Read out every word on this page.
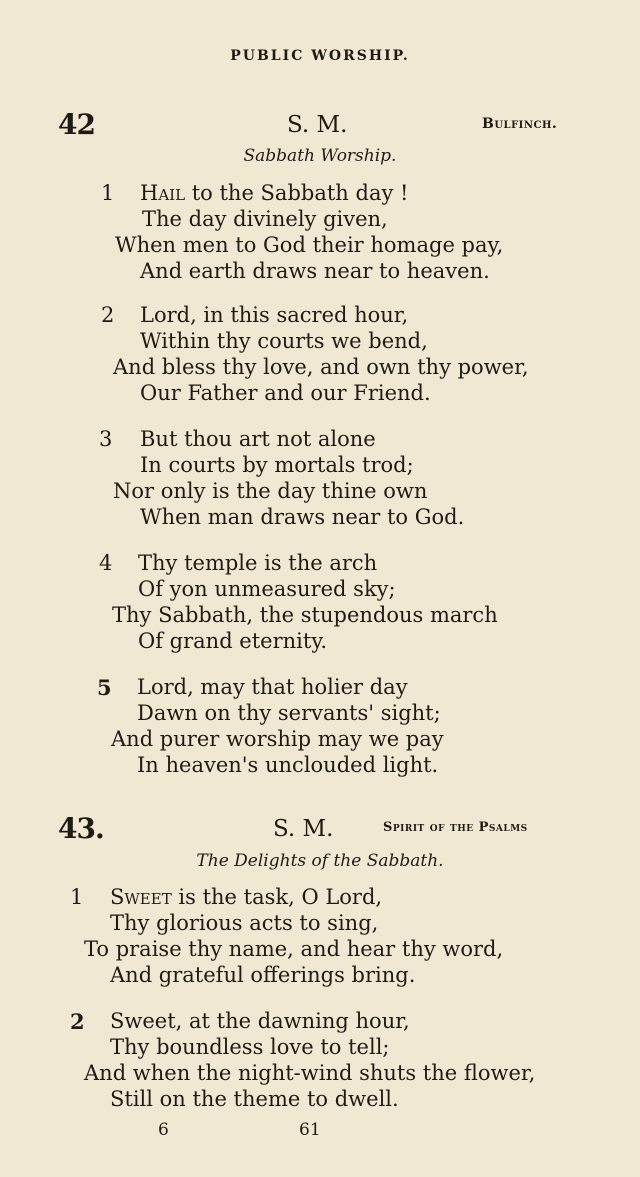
PUBLIC WORSHIP.
42	S. M.	Bulfinch.
Sabbath Worship.
1 Hail to the Sabbath day !
The day divinely given,
When men to God their homage pay,
And earth draws near to heaven.
2 Lord, in this sacred hour,
Within thy courts we bend,
And bless thy love, and own thy power,
Our Father and our Friend.
3 But thou art not alone
In courts by mortals trod;
Nor only is the day thine own
When man draws near to God.
4 Thy temple is the arch
Of yon unmeasured sky;
Thy Sabbath, the stupendous march
Of grand eternity.
5 Lord, may that holier day
Dawn on thy servants' sight;
And purer worship may we pay
In heaven's unclouded light.
43.	S. M.	Spirit of the Psalms
The Delights of the Sabbath.
1 Sweet is the task, O Lord,
Thy glorious acts to sing,
To praise thy name, and hear thy word,
And grateful offerings bring.
2 Sweet, at the dawning hour,
Thy boundless love to tell;
And when the night-wind shuts the flower,
Still on the theme to dwell.
6	61
